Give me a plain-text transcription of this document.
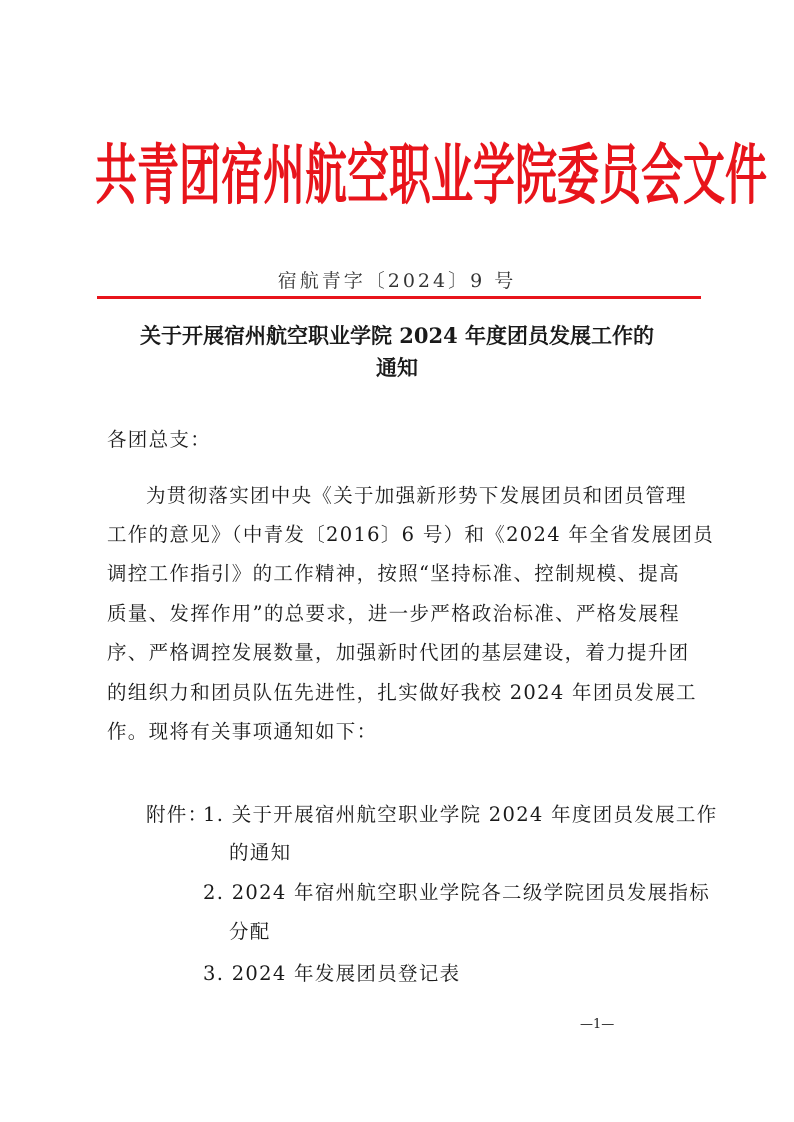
共青团宿州航空职业学院委员会文件
宿航青字〔2024〕9 号
关于开展宿州航空职业学院 2024 年度团员发展工作的
通知
各团总支：
为贯彻落实团中央《关于加强新形势下发展团员和团员管理
工作的意见》（中青发〔2016〕6 号）和《2024 年全省发展团员
调控工作指引》的工作精神，按照“坚持标准、控制规模、提高
质量、发挥作用”的总要求，进一步严格政治标准、严格发展程
序、严格调控发展数量，加强新时代团的基层建设，着力提升团
的组织力和团员队伍先进性，扎实做好我校 2024 年团员发展工
作。现将有关事项通知如下：
附件：
1. 关于开展宿州航空职业学院 2024 年度团员发展工作
的通知
2. 2024 年宿州航空职业学院各二级学院团员发展指标
分配
3. 2024 年发展团员登记表
—1—
